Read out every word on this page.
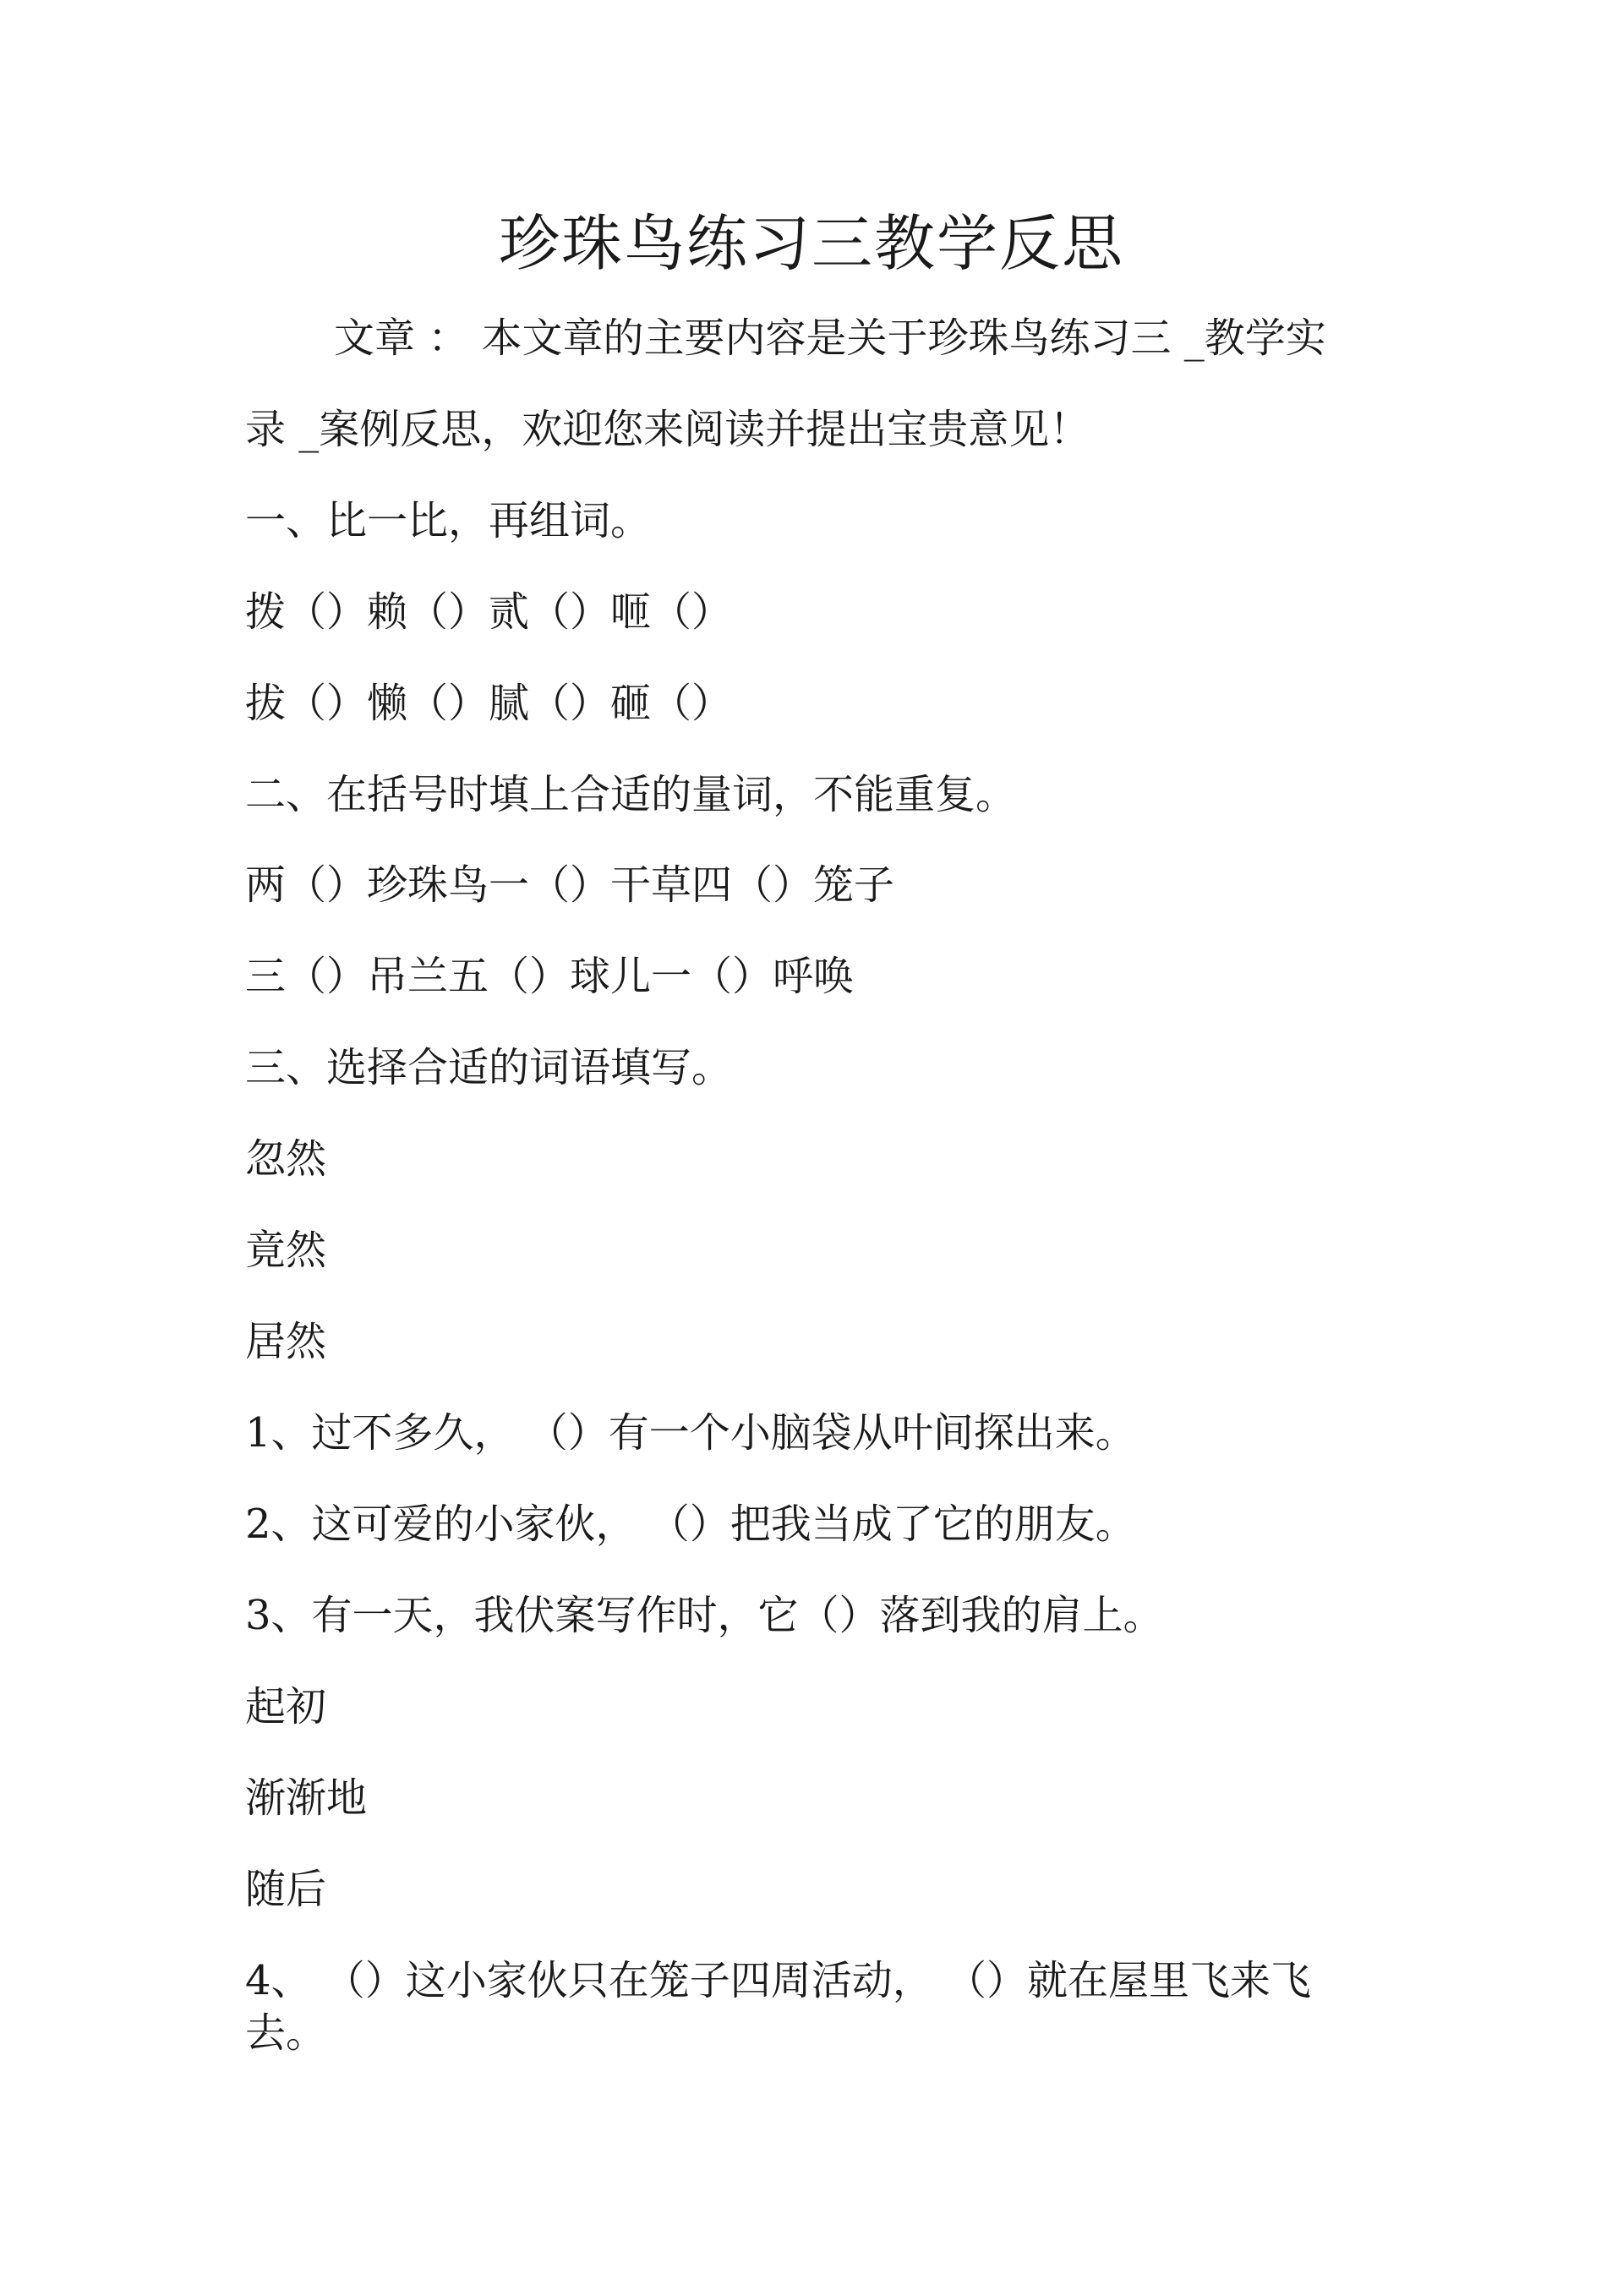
珍珠鸟练习三教学反思
文章 ： 本文章的主要内容是关于珍珠鸟练习三 _教学实
录 _案例反思，欢迎您来阅读并提出宝贵意见！
一、比一比，再组词。
拨（）赖（）贰（）咂（）
拔（）懒（）腻（）砸（）
二、在括号时填上合适的量词，不能重复。
两（）珍珠鸟一（）干草四（）笼子
三（）吊兰五（）球儿一（）呼唤
三、选择合适的词语填写。
忽然
竟然
居然
1、过不多久， （）有一个小脑袋从叶间探出来。
2、这可爱的小家伙， （）把我当成了它的朋友。
3、有一天，我伏案写作时，它（）落到我的肩上。
起初
渐渐地
随后
4、 （）这小家伙只在笼子四周活动， （）就在屋里飞来飞
去。
